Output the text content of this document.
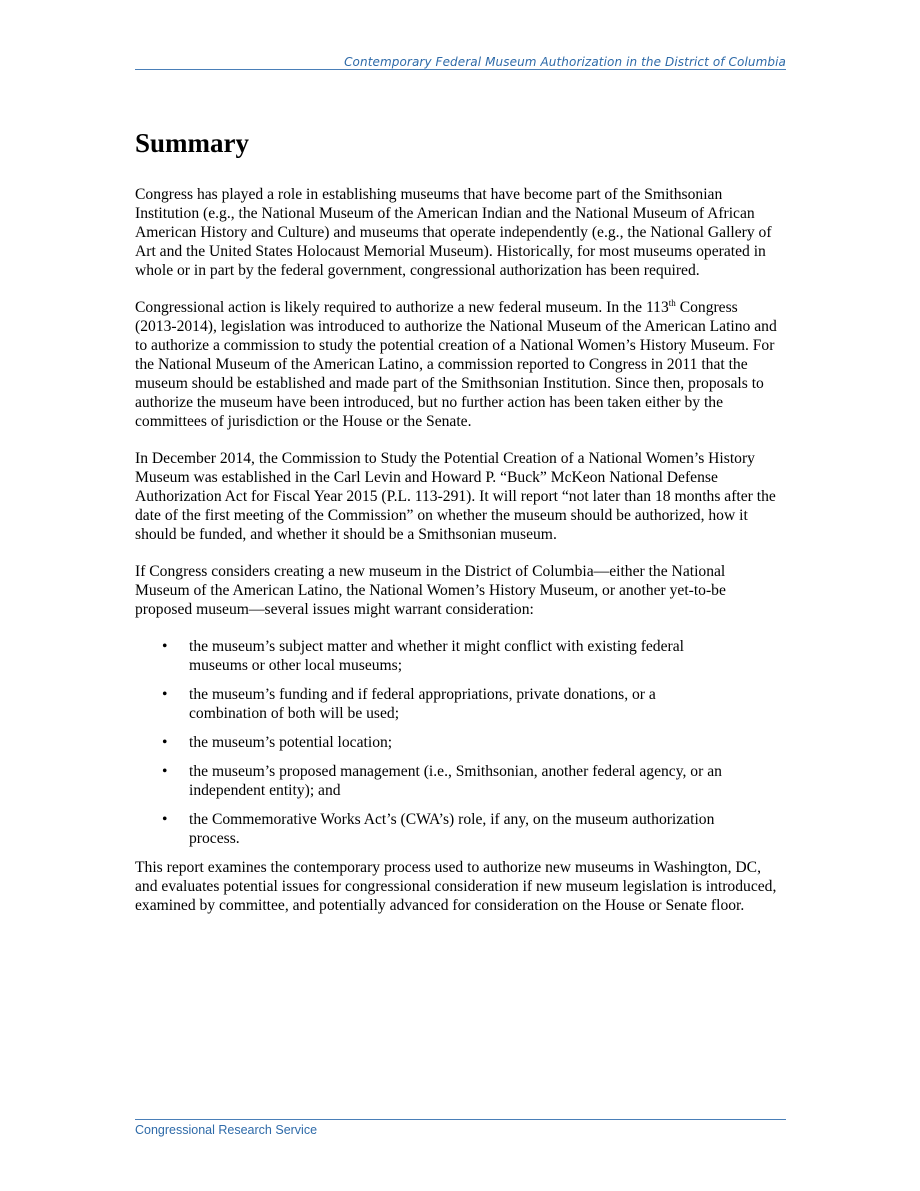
Contemporary Federal Museum Authorization in the District of Columbia
Summary

Congress has played a role in establishing museums that have become part of the Smithsonian Institution (e.g., the National Museum of the American Indian and the National Museum of African American History and Culture) and museums that operate independently (e.g., the National Gallery of Art and the United States Holocaust Memorial Museum). Historically, for most museums operated in whole or in part by the federal government, congressional authorization has been required.

Congressional action is likely required to authorize a new federal museum. In the 113th Congress (2013-2014), legislation was introduced to authorize the National Museum of the American Latino and to authorize a commission to study the potential creation of a National Women’s History Museum. For the National Museum of the American Latino, a commission reported to Congress in 2011 that the museum should be established and made part of the Smithsonian Institution. Since then, proposals to authorize the museum have been introduced, but no further action has been taken either by the committees of jurisdiction or the House or the Senate.

In December 2014, the Commission to Study the Potential Creation of a National Women’s History Museum was established in the Carl Levin and Howard P. “Buck” McKeon National Defense Authorization Act for Fiscal Year 2015 (P.L. 113-291). It will report “not later than 18 months after the date of the first meeting of the Commission” on whether the museum should be authorized, how it should be funded, and whether it should be a Smithsonian museum.

If Congress considers creating a new museum in the District of Columbia—either the National Museum of the American Latino, the National Women’s History Museum, or another yet-to-be proposed museum—several issues might warrant consideration:

• the museum’s subject matter and whether it might conflict with existing federal museums or other local museums;
• the museum’s funding and if federal appropriations, private donations, or a combination of both will be used;
• the museum’s potential location;
• the museum’s proposed management (i.e., Smithsonian, another federal agency, or an independent entity); and
• the Commemorative Works Act’s (CWA’s) role, if any, on the museum authorization process.

This report examines the contemporary process used to authorize new museums in Washington, DC, and evaluates potential issues for congressional consideration if new museum legislation is introduced, examined by committee, and potentially advanced for consideration on the House or Senate floor.

Congressional Research Service
